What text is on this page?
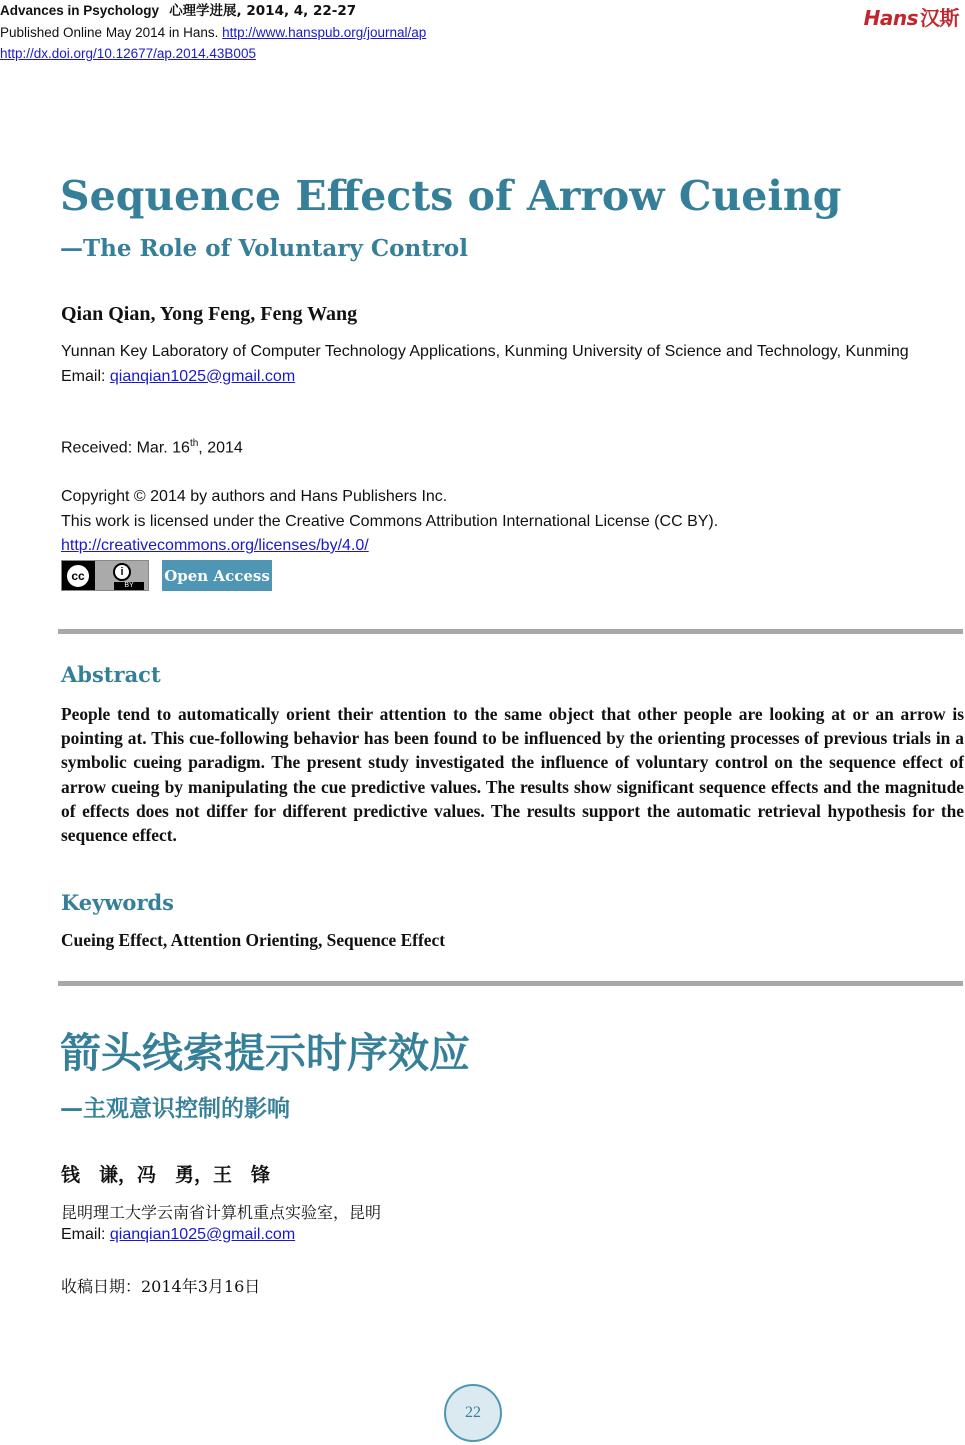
Advances in Psychology 心理学进展, 2014, 4, 22-27
Published Online May 2014 in Hans. http://www.hanspub.org/journal/ap
http://dx.doi.org/10.12677/ap.2014.43B005
Hans 汉斯
Sequence Effects of Arrow Cueing
—The Role of Voluntary Control
Qian Qian, Yong Feng, Feng Wang
Yunnan Key Laboratory of Computer Technology Applications, Kunming University of Science and Technology, Kunming
Email: qianqian1025@gmail.com
Received: Mar. 16th, 2014
Copyright © 2014 by authors and Hans Publishers Inc.
This work is licensed under the Creative Commons Attribution International License (CC BY).
http://creativecommons.org/licenses/by/4.0/
cc	i
BY
Open Access
Abstract
People tend to automatically orient their attention to the same object that other people are looking at or an arrow is pointing at. This cue-following behavior has been found to be influenced by the orienting processes of previous trials in a symbolic cueing paradigm. The present study investigated the influence of voluntary control on the sequence effect of arrow cueing by manipulating the cue predictive values. The results show significant sequence effects and the magnitude of effects does not differ for different predictive values. The results support the automatic retrieval hypothesis for the sequence effect.
Keywords
Cueing Effect, Attention Orienting, Sequence Effect
箭头线索提示时序效应
—主观意识控制的影响
钱　谦，冯　勇，王　锋
昆明理工大学云南省计算机重点实验室，昆明
Email: qianqian1025@gmail.com
收稿日期：2014年3月16日
22
